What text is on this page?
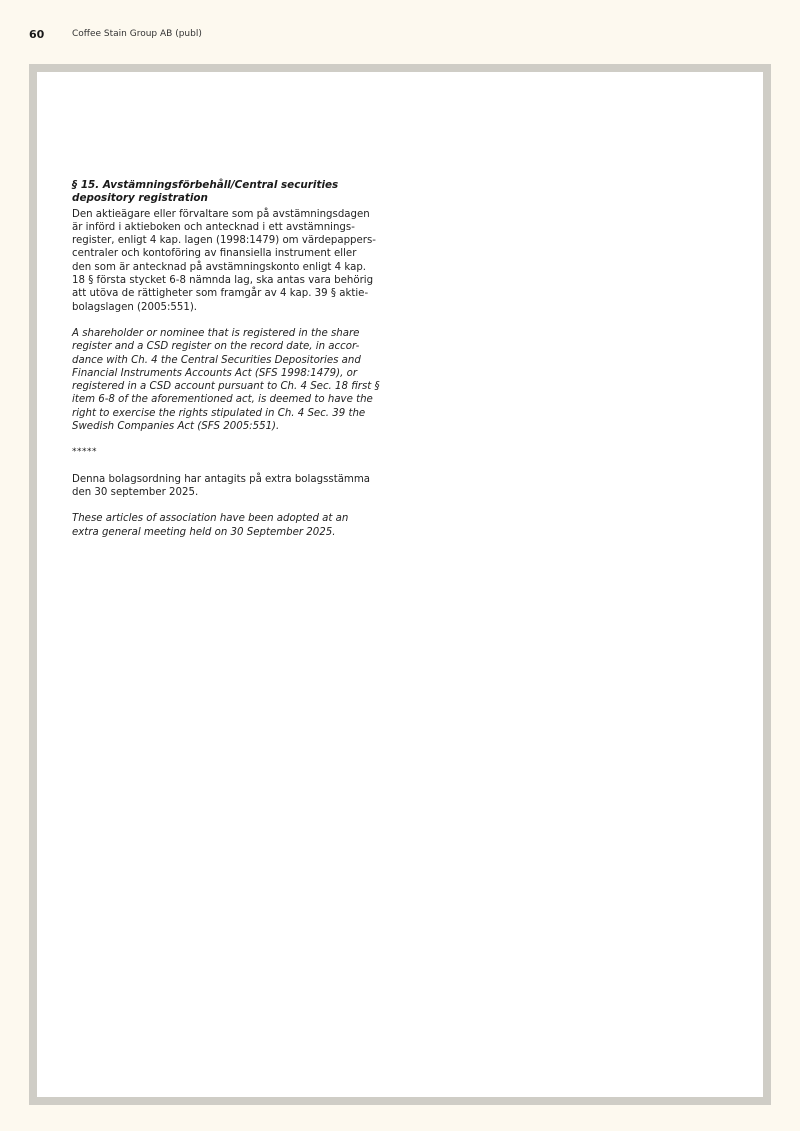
60	Coffee Stain Group AB (publ)

§ 15. Avstämningsförbehåll/Central securities depository registration

Den aktieägare eller förvaltare som på avstämningsdagen
är införd i aktieboken och antecknad i ett avstämnings-
register, enligt 4 kap. lagen (1998:1479) om värdepappers-
centraler och kontoföring av finansiella instrument eller
den som är antecknad på avstämningskonto enligt 4 kap.
18 § första stycket 6-8 nämnda lag, ska antas vara behörig
att utöva de rättigheter som framgår av 4 kap. 39 § aktie-
bolagslagen (2005:551).

A shareholder or nominee that is registered in the share
register and a CSD register on the record date, in accor-
dance with Ch. 4 the Central Securities Depositories and
Financial Instruments Accounts Act (SFS 1998:1479), or
registered in a CSD account pursuant to Ch. 4 Sec. 18 first §
item 6-8 of the aforementioned act, is deemed to have the
right to exercise the rights stipulated in Ch. 4 Sec. 39 the
Swedish Companies Act (SFS 2005:551).

*****

Denna bolagsordning har antagits på extra bolagsstämma
den 30 september 2025.

These articles of association have been adopted at an
extra general meeting held on 30 September 2025.
